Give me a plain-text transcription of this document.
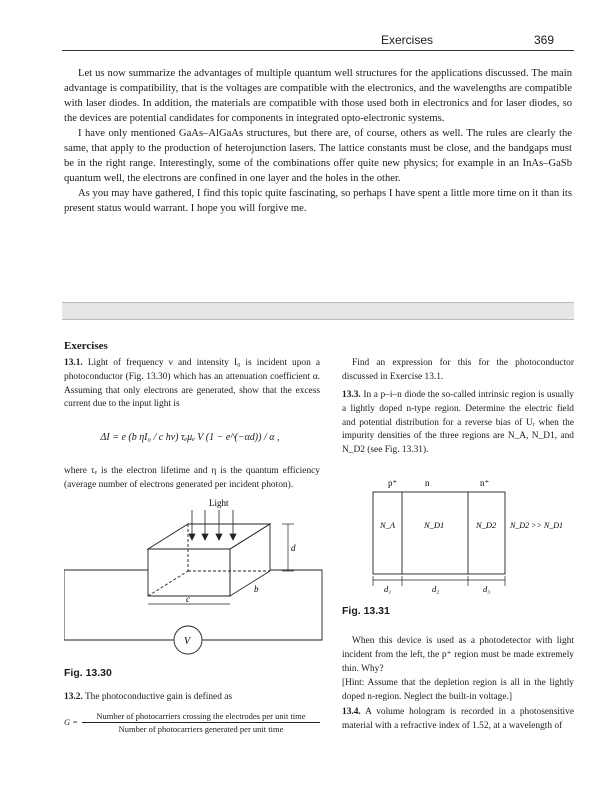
Exercises	369

Let us now summarize the advantages of multiple quantum well structures for the applications discussed. The main advantage is compatibility, that is the voltages are compatible with the electronics, and the wavelengths are compatible with laser diodes. In addition, the materials are compatible with those used both in electronics and for laser diodes, so the devices are potential candidates for components in integrated opto-electronic systems.

I have only mentioned GaAs–AlGaAs structures, but there are, of course, others as well. The rules are clearly the same, that apply to the production of heterojunction lasers. The lattice constants must be close, and the bandgaps must be in the right range. Interestingly, some of the combinations offer quite new physics; for example in an InAs–GaSb quantum well, the electrons are confined in one layer and the holes in the other.

As you may have gathered, I find this topic quite fascinating, so perhaps I have spent a little more time on it than its present status would warrant. I hope you will forgive me.

Exercises

13.1. Light of frequency ν and intensity I₀ is incident upon a photoconductor (Fig. 13.30) which has an attenuation coefficient α. Assuming that only electrons are generated, show that the excess current due to the input light is

ΔI = e (b ηI₀ / c hν) τₑμₑ V (1 − e^(−αd)) / α ,

where τₑ is the electron lifetime and η is the quantum efficiency (average number of electrons generated per incident photon).

Light
d
b
c
V
Fig. 13.30

13.2. The photoconductive gain is defined as

G =
Number of photocarriers crossing the electrodes per unit time
Number of photocarriers generated per unit time

Find an expression for this for the photoconductor discussed in Exercise 13.1.

13.3. In a p–i–n diode the so-called intrinsic region is usually a lightly doped n-type region. Determine the electric field and potential distribution for a reverse bias of Uᵣ when the impurity densities of the three regions are N_A, N_D1, and N_D2 (see Fig. 13.31).

p⁺	n	n⁺
N_A	N_D1	N_D2 N_D2 >> N_D1
d₁	d₂	d₃
Fig. 13.31

When this device is used as a photodetector with light incident from the left, the p⁺ region must be made extremely thin. Why?

[Hint: Assume that the depletion region is all in the lightly doped n-region. Neglect the built-in voltage.]

13.4. A volume hologram is recorded in a photosensitive material with a refractive index of 1.52, at a wavelength of
